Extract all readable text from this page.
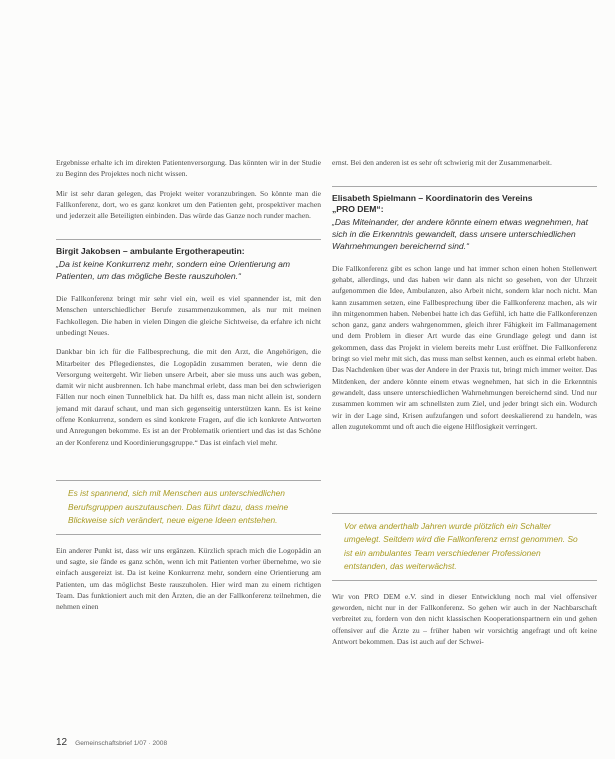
Ergebnisse erhalte ich im direkten Patientenversorgung. Das könnten wir in der Studie zu Beginn des Projektes noch nicht wissen.

Mir ist sehr daran gelegen, das Projekt weiter voranzubringen. So könnte man die Fallkonferenz, dort, wo es ganz konkret um den Patienten geht, prospektiver machen und jederzeit alle Beteiligten einbinden. Das würde das Ganze noch runder machen.

Birgit Jakobsen – ambulante Ergotherapeutin:

„Da ist keine Konkurrenz mehr, sondern eine Orientierung am Patienten, um das mögliche Beste rauszuholen.“

Die Fallkonferenz bringt mir sehr viel ein, weil es viel spannender ist, mit den Menschen unterschiedlicher Berufe zusammenzukommen, als nur mit meinen Fachkollegen. Die haben in vielen Dingen die gleiche Sichtweise, da erfahre ich nicht unbedingt Neues.

Dankbar bin ich für die Fallbesprechung, die mit den Arzt, die Angehörigen, die Mitarbeiter des Pflegedienstes, die Logopädin zusammen beraten, wie denn die Versorgung weitergeht. Wir lieben unsere Arbeit, aber sie muss uns auch was geben, damit wir nicht ausbrennen. Ich habe manchmal erlebt, dass man bei den schwierigen Fällen nur noch einen Tunnelblick hat. Da hilft es, dass man nicht allein ist, sondern jemand mit darauf schaut, und man sich gegenseitig unterstützen kann. Es ist keine offene Konkurrenz, sondern es sind konkrete Fragen, auf die ich konkrete Antworten und Anregungen bekomme. Es ist an der Problematik orientiert und das ist das Schöne an der Konferenz und Koordinierungsgruppe.“ Das ist einfach viel mehr.

Es ist spannend, sich mit Menschen aus unterschiedlichen Berufsgruppen auszutauschen. Das führt dazu, dass meine Blickweise sich verändert, neue eigene Ideen entstehen.

Ein anderer Punkt ist, dass wir uns ergänzen. Kürzlich sprach mich die Logopädin an und sagte, sie fände es ganz schön, wenn ich mit Patienten vorher übernehme, wo sie einfach ausgereizt ist. Da ist keine Konkurrenz mehr, sondern eine Orientierung am Patienten, um das möglichst Beste rauszuholen. Hier wird man zu einem richtigen Team. Das funktioniert auch mit den Ärzten, die an der Fallkonferenz teilnehmen, die nehmen einen

ernst. Bei den anderen ist es sehr oft schwierig mit der Zusammenarbeit.

Elisabeth Spielmann – Koordinatorin des Vereins

„PRO DEM“:

„Das Miteinander, der andere könnte einem etwas wegnehmen, hat sich in die Erkenntnis gewandelt, dass unsere unterschiedlichen Wahrnehmungen bereichernd sind.“

Die Fallkonferenz gibt es schon lange und hat immer schon einen hohen Stellenwert gehabt, allerdings, und das haben wir dann als nicht so gesehen, von der Uhrzeit aufgenommen die Idee, Ambulanzen, also Arbeit nicht, sondern klar noch nicht. Man kann zusammen setzen, eine Fallbesprechung über die Fallkonferenz machen, als wir ihn mitgenommen haben. Nebenbei hatte ich das Gefühl, ich hatte die Fallkonferenzen schon ganz, ganz anders wahrgenommen, gleich ihrer Fähigkeit im Fallmanagement und dem Problem in dieser Art wurde das eine Grundlage gelegt und dann ist gekommen, dass das Projekt in vielem bereits mehr Lust eröffnet. Die Fallkonferenz bringt so viel mehr mit sich, das muss man selbst kennen, auch es einmal erlebt haben. Das Nachdenken über was der Andere in der Praxis tut, bringt mich immer weiter. Das Mitdenken, der andere könnte einem etwas wegnehmen, hat sich in die Erkenntnis gewandelt, dass unsere unterschiedlichen Wahrnehmungen bereichernd sind. Und nur zusammen kommen wir am schnellsten zum Ziel, und jeder bringt sich ein. Wodurch wir in der Lage sind, Krisen aufzufangen und sofort deeskalierend zu handeln, was allen zugutekommt und oft auch die eigene Hilflosigkeit verringert.

Vor etwa anderthalb Jahren wurde plötzlich ein Schalter umgelegt. Seitdem wird die Fallkonferenz ernst genommen. So ist ein ambulantes Team verschiedener Professionen entstanden, das weiterwächst.

Wir von PRO DEM e.V. sind in dieser Entwicklung noch mal viel offensiver geworden, nicht nur in der Fallkonferenz. So gehen wir auch in der Nachbarschaft verbreitet zu, fordern von den nicht klassischen Kooperationspartnern ein und gehen offensiver auf die Ärzte zu – früher haben wir vorsichtig angefragt und oft keine Antwort bekommen. Das ist auch auf der Schwei-

12 Gemeinschaftsbrief 1/07 · 2008
